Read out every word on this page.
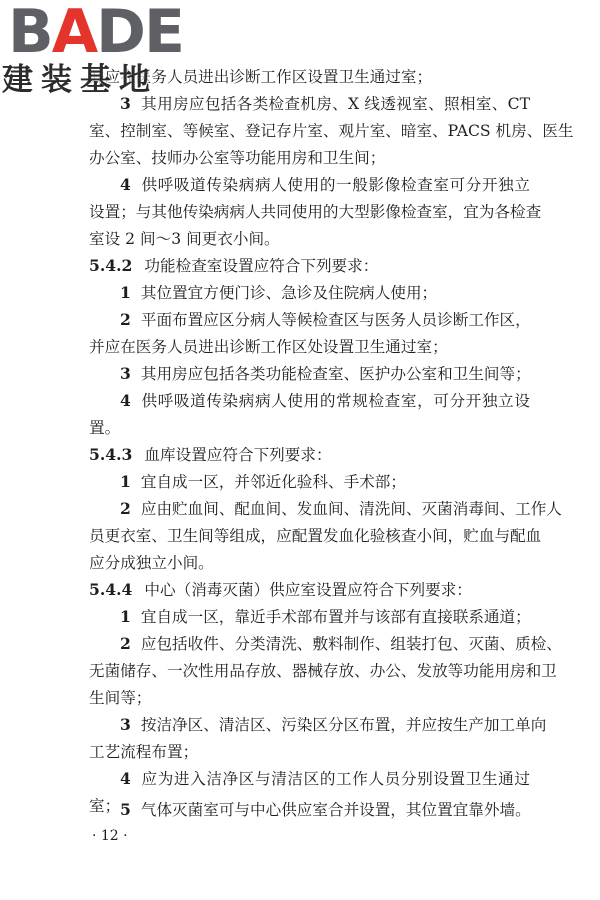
BADE
建装基地
并应在医务人员进出诊断工作区设置卫生通过室；
3 其用房应包括各类检查机房、X 线透视室、照相室、CT
室、控制室、等候室、登记存片室、观片室、暗室、PACS 机房、医生
办公室、技师办公室等功能用房和卫生间；
4 供呼吸道传染病病人使用的一般影像检查室可分开独立
设置；与其他传染病病人共同使用的大型影像检查室，宜为各检查
室设 2 间～3 间更衣小间。
5.4.2 功能检查室设置应符合下列要求：
1 其位置宜方便门诊、急诊及住院病人使用；
2 平面布置应区分病人等候检查区与医务人员诊断工作区，
并应在医务人员进出诊断工作区处设置卫生通过室；
3 其用房应包括各类功能检查室、医护办公室和卫生间等；
4 供呼吸道传染病病人使用的常规检查室，可分开独立设
置。
5.4.3 血库设置应符合下列要求：
1 宜自成一区，并邻近化验科、手术部；
2 应由贮血间、配血间、发血间、清洗间、灭菌消毒间、工作人
员更衣室、卫生间等组成，应配置发血化验核查小间，贮血与配血
应分成独立小间。
5.4.4 中心（消毒灭菌）供应室设置应符合下列要求：
1 宜自成一区，靠近手术部布置并与该部有直接联系通道；
2 应包括收件、分类清洗、敷料制作、组装打包、灭菌、质检、
无菌储存、一次性用品存放、器械存放、办公、发放等功能用房和卫
生间等；
3 按洁净区、清洁区、污染区分区布置，并应按生产加工单向
工艺流程布置；
4 应为进入洁净区与清洁区的工作人员分别设置卫生通过
室； 5 气体灭菌室可与中心供应室合并设置，其位置宜靠外墙。
· 12 ·
